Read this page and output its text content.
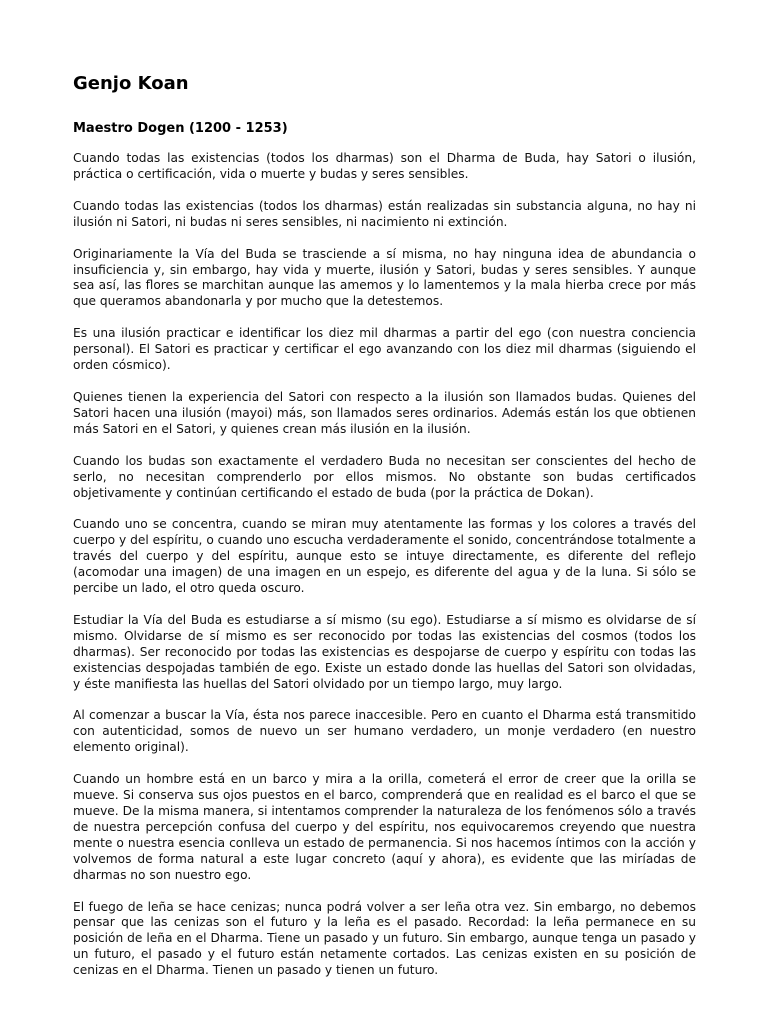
Genjo Koan
Maestro Dogen (1200 - 1253)

Cuando todas las existencias (todos los dharmas) son el Dharma de Buda, hay Satori o ilusión, práctica o certificación, vida o muerte y budas y seres sensibles.

Cuando todas las existencias (todos los dharmas) están realizadas sin substancia alguna, no hay ni ilusión ni Satori, ni budas ni seres sensibles, ni nacimiento ni extinción.

Originariamente la Vía del Buda se trasciende a sí misma, no hay ninguna idea de abundancia o insuficiencia y, sin embargo, hay vida y muerte, ilusión y Satori, budas y seres sensibles. Y aunque sea así, las flores se marchitan aunque las amemos y lo lamentemos y la mala hierba crece por más que queramos abandonarla y por mucho que la detestemos.

Es una ilusión practicar e identificar los diez mil dharmas a partir del ego (con nuestra conciencia personal). El Satori es practicar y certificar el ego avanzando con los diez mil dharmas (siguiendo el orden cósmico).

Quienes tienen la experiencia del Satori con respecto a la ilusión son llamados budas. Quienes del Satori hacen una ilusión (mayoi) más, son llamados seres ordinarios. Además están los que obtienen más Satori en el Satori, y quienes crean más ilusión en la ilusión.

Cuando los budas son exactamente el verdadero Buda no necesitan ser conscientes del hecho de serlo, no necesitan comprenderlo por ellos mismos. No obstante son budas certificados objetivamente y continúan certificando el estado de buda (por la práctica de Dokan).

Cuando uno se concentra, cuando se miran muy atentamente las formas y los colores a través del cuerpo y del espíritu, o cuando uno escucha verdaderamente el sonido, concentrándose totalmente a través del cuerpo y del espíritu, aunque esto se intuye directamente, es diferente del reflejo (acomodar una imagen) de una imagen en un espejo, es diferente del agua y de la luna. Si sólo se percibe un lado, el otro queda oscuro.

Estudiar la Vía del Buda es estudiarse a sí mismo (su ego). Estudiarse a sí mismo es olvidarse de sí mismo. Olvidarse de sí mismo es ser reconocido por todas las existencias del cosmos (todos los dharmas). Ser reconocido por todas las existencias es despojarse de cuerpo y espíritu con todas las existencias despojadas también de ego. Existe un estado donde las huellas del Satori son olvidadas, y éste manifiesta las huellas del Satori olvidado por un tiempo largo, muy largo.

Al comenzar a buscar la Vía, ésta nos parece inaccesible. Pero en cuanto el Dharma está transmitido con autenticidad, somos de nuevo un ser humano verdadero, un monje verdadero (en nuestro elemento original).

Cuando un hombre está en un barco y mira a la orilla, cometerá el error de creer que la orilla se mueve. Si conserva sus ojos puestos en el barco, comprenderá que en realidad es el barco el que se mueve. De la misma manera, si intentamos comprender la naturaleza de los fenómenos sólo a través de nuestra percepción confusa del cuerpo y del espíritu, nos equivocaremos creyendo que nuestra mente o nuestra esencia conlleva un estado de permanencia. Si nos hacemos íntimos con la acción y volvemos de forma natural a este lugar concreto (aquí y ahora), es evidente que las miríadas de dharmas no son nuestro ego.

El fuego de leña se hace cenizas; nunca podrá volver a ser leña otra vez. Sin embargo, no debemos pensar que las cenizas son el futuro y la leña es el pasado. Recordad: la leña permanece en su posición de leña en el Dharma. Tiene un pasado y un futuro. Sin embargo, aunque tenga un pasado y un futuro, el pasado y el futuro están netamente cortados. Las cenizas existen en su posición de cenizas en el Dharma. Tienen un pasado y tienen un futuro.
